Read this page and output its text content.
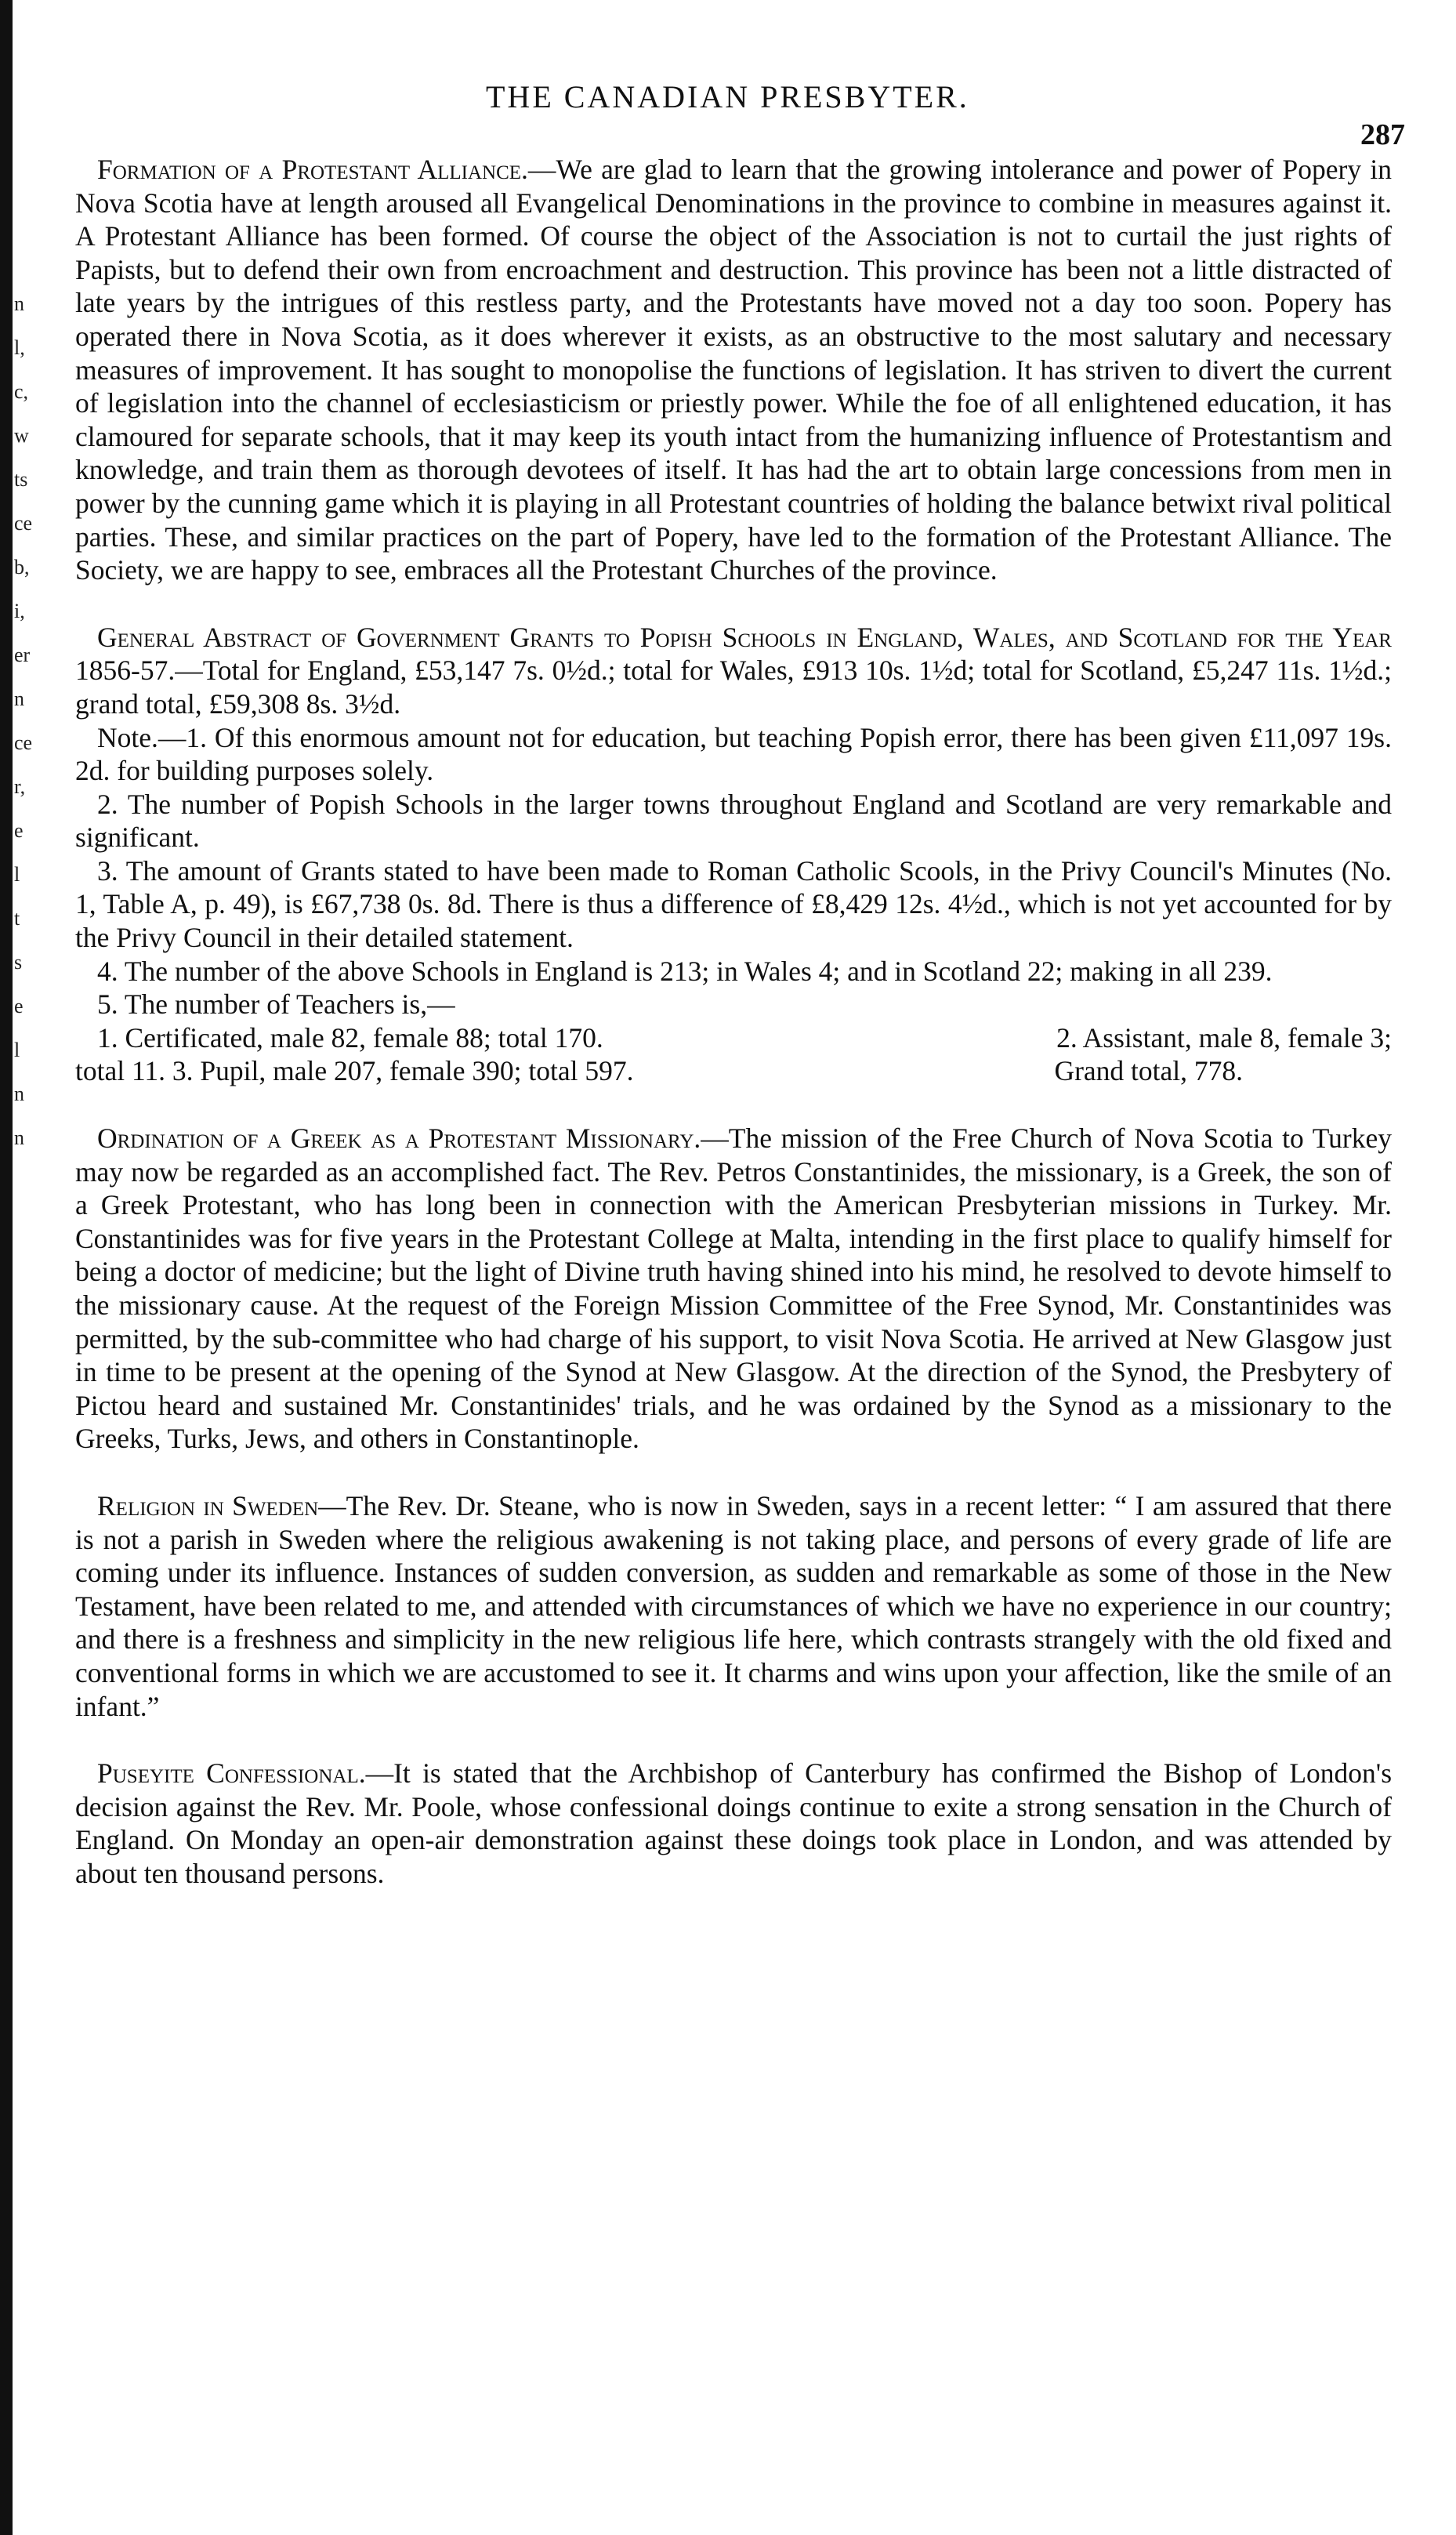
n
l,
c,
w
ts
ce
b,
i,
er
n
ce
r,
e
l
t
s
e
l
n
n
THE CANADIAN PRESBYTER.
287

Formation of a Protestant Alliance.—We are glad to learn that the growing intolerance and power of Popery in Nova Scotia have at length aroused all Evangelical Denominations in the province to combine in measures against it. A Protestant Alliance has been formed. Of course the object of the Association is not to curtail the just rights of Papists, but to defend their own from encroachment and destruction. This province has been not a little distracted of late years by the intrigues of this restless party, and the Protestants have moved not a day too soon. Popery has operated there in Nova Scotia, as it does wherever it exists, as an obstructive to the most salutary and necessary measures of improvement. It has sought to monopolise the functions of legislation. It has striven to divert the current of legislation into the channel of ecclesiasticism or priestly power. While the foe of all enlightened education, it has clamoured for separate schools, that it may keep its youth intact from the humanizing influence of Protestantism and knowledge, and train them as thorough devotees of itself. It has had the art to obtain large concessions from men in power by the cunning game which it is playing in all Protestant countries of holding the balance betwixt rival political parties. These, and similar practices on the part of Popery, have led to the formation of the Protestant Alliance. The Society, we are happy to see, embraces all the Protestant Churches of the province.

General Abstract of Government Grants to Popish Schools in England, Wales, and Scotland for the Year 1856-57.—Total for England, £53,147 7s. 0½d.; total for Wales, £913 10s. 1½d; total for Scotland, £5,247 11s. 1½d.; grand total, £59,308 8s. 3½d.

Note.—1. Of this enormous amount not for education, but teaching Popish error, there has been given £11,097 19s. 2d. for building purposes solely.

2. The number of Popish Schools in the larger towns throughout England and Scotland are very remarkable and significant.

3. The amount of Grants stated to have been made to Roman Catholic Scools, in the Privy Council's Minutes (No. 1, Table A, p. 49), is £67,738 0s. 8d. There is thus a difference of £8,429 12s. 4½d., which is not yet accounted for by the Privy Council in their detailed statement.

4. The number of the above Schools in England is 213; in Wales 4; and in Scotland 22; making in all 239.

5. The number of Teachers is,—

1. Certificated, male 82, female 88; total 170.	2. Assistant, male 8, female 3;
total 11. 3. Pupil, male 207, female 390; total 597.	Grand total, 778.

Ordination of a Greek as a Protestant Missionary.—The mission of the Free Church of Nova Scotia to Turkey may now be regarded as an accomplished fact. The Rev. Petros Constantinides, the missionary, is a Greek, the son of a Greek Protestant, who has long been in connection with the American Presbyterian missions in Turkey. Mr. Constantinides was for five years in the Protestant College at Malta, intending in the first place to qualify himself for being a doctor of medicine; but the light of Divine truth having shined into his mind, he resolved to devote himself to the missionary cause. At the request of the Foreign Mission Committee of the Free Synod, Mr. Constantinides was permitted, by the sub-committee who had charge of his support, to visit Nova Scotia. He arrived at New Glasgow just in time to be present at the opening of the Synod at New Glasgow. At the direction of the Synod, the Presbytery of Pictou heard and sustained Mr. Constantinides' trials, and he was ordained by the Synod as a missionary to the Greeks, Turks, Jews, and others in Constantinople.

Religion in Sweden—The Rev. Dr. Steane, who is now in Sweden, says in a recent letter: “ I am assured that there is not a parish in Sweden where the religious awakening is not taking place, and persons of every grade of life are coming under its influence. Instances of sudden conversion, as sudden and remarkable as some of those in the New Testament, have been related to me, and attended with circumstances of which we have no experience in our country; and there is a freshness and simplicity in the new religious life here, which contrasts strangely with the old fixed and conventional forms in which we are accustomed to see it. It charms and wins upon your affection, like the smile of an infant.”

Puseyite Confessional.—It is stated that the Archbishop of Canterbury has confirmed the Bishop of London's decision against the Rev. Mr. Poole, whose confessional doings continue to exite a strong sensation in the Church of England. On Monday an open-air demonstration against these doings took place in London, and was attended by about ten thousand persons.
